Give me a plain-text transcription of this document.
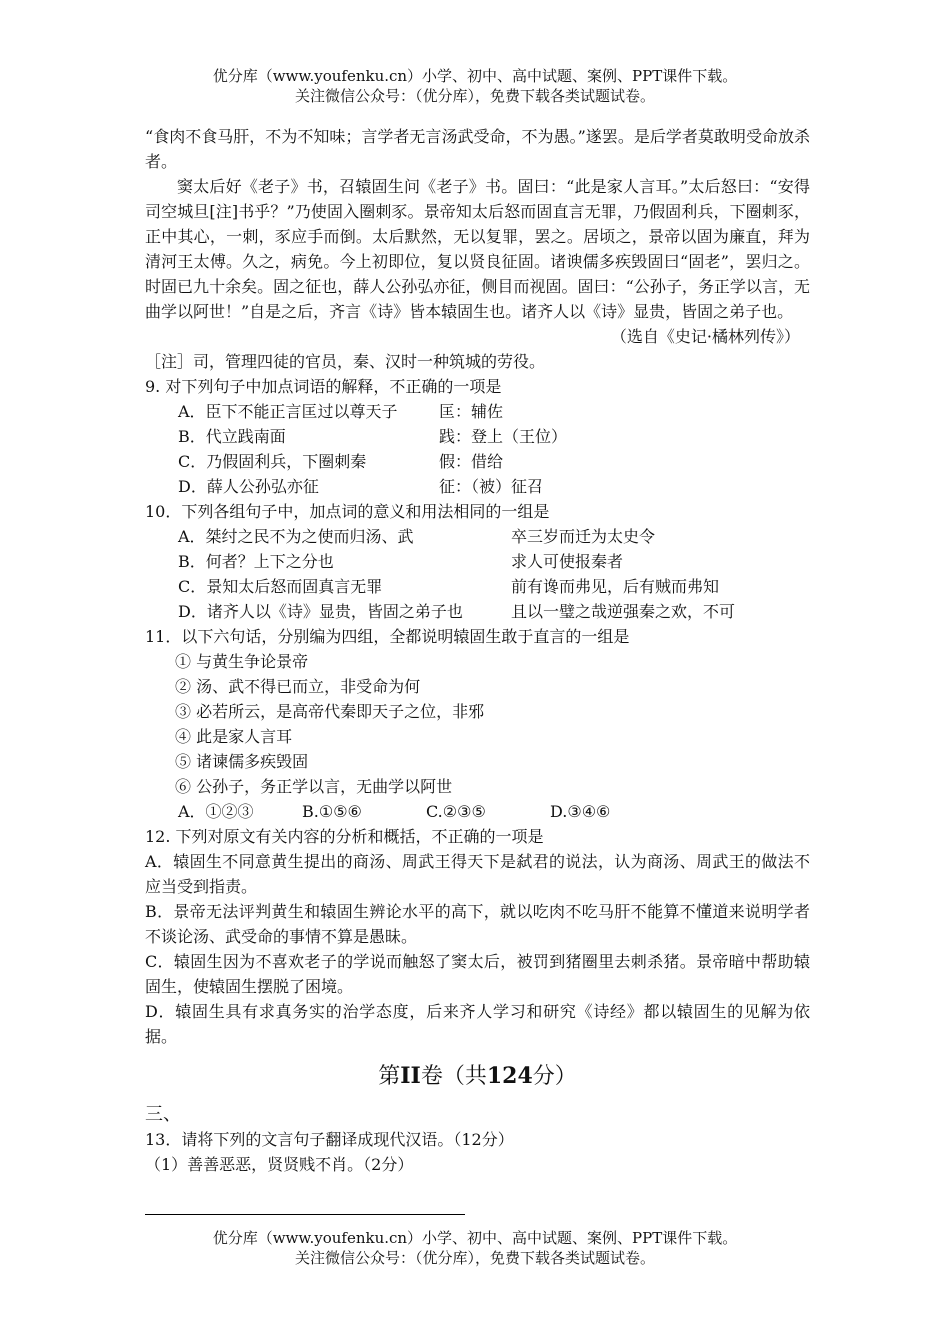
优分库（www.youfenku.cn）小学、初中、高中试题、案例、PPT课件下载。
关注微信公众号：（优分库），免费下载各类试题试卷。

“食肉不食马肝，不为不知味；言学者无言汤武受命，不为愚。”遂罢。是后学者莫敢明受命放杀者。

窦太后好《老子》书，召辕固生问《老子》书。固曰：“此是家人言耳。”太后怒曰：“安得司空城旦[注]书乎？”乃使固入圈刺豕。景帝知太后怒而固直言无罪，乃假固利兵，下圈刺豕，正中其心，一刺，豕应手而倒。太后默然，无以复罪，罢之。居顷之，景帝以固为廉直，拜为清河王太傅。久之，病免。今上初即位，复以贤良征固。诸谀儒多疾毁固曰“固老”，罢归之。时固已九十余矣。固之征也，薛人公孙弘亦征，侧目而视固。固曰：“公孙子，务正学以言，无曲学以阿世！”自是之后，齐言《诗》皆本辕固生也。诸齐人以《诗》显贵，皆固之弟子也。

（选自《史记·橘林列传》）

［注］司，管理四徒的官员，秦、汉时一种筑城的劳役。

9. 对下列句子中加点词语的解释，不正确的一项是
A．臣下不能正言匡过以尊天子	匡：辅佐
B．代立践南面	践：登上（王位）
C．乃假固利兵，下圈刺秦	假：借给
D．薛人公孙弘亦征	征：（被）征召
10．下列各组句子中，加点词的意义和用法相同的一组是
A．桀纣之民不为之使而归汤、武	卒三岁而迁为太史令
B．何者？上下之分也	求人可使报秦者
C．景知太后怒而固真言无罪	前有谗而弗见，后有贼而弗知
D．诸齐人以《诗》显贵，皆固之弟子也	且以一璧之哉逆强秦之欢，不可
11．以下六句话，分别编为四组，全都说明辕固生敢于直言的一组是
① 与黄生争论景帝
② 汤、武不得已而立，非受命为何
③ 必若所云，是高帝代秦即天子之位，非邪
④ 此是家人言耳
⑤ 诸谏儒多疾毁固
⑥ 公孙子，务正学以言，无曲学以阿世
A．①②③	B.①⑤⑥	C.②③⑤	D.③④⑥
12. 下列对原文有关内容的分析和概括，不正确的一项是

A．辕固生不同意黄生提出的商汤、周武王得天下是弑君的说法，认为商汤、周武王的做法不应当受到指责。

B．景帝无法评判黄生和辕固生辨论水平的高下，就以吃肉不吃马肝不能算不懂道来说明学者不谈论汤、武受命的事情不算是愚昧。

C．辕固生因为不喜欢老子的学说而触怒了窦太后，被罚到猪圈里去刺杀猪。景帝暗中帮助辕固生，使辕固生摆脱了困境。

D．辕固生具有求真务实的治学态度，后来齐人学习和研究《诗经》都以辕固生的见解为依据。

第II卷（共124分）
三、
13．请将下列的文言句子翻译成现代汉语。（12分）
（1）善善恶恶，贤贤贱不肖。（2分）
优分库（www.youfenku.cn）小学、初中、高中试题、案例、PPT课件下载。
关注微信公众号：（优分库），免费下载各类试题试卷。
